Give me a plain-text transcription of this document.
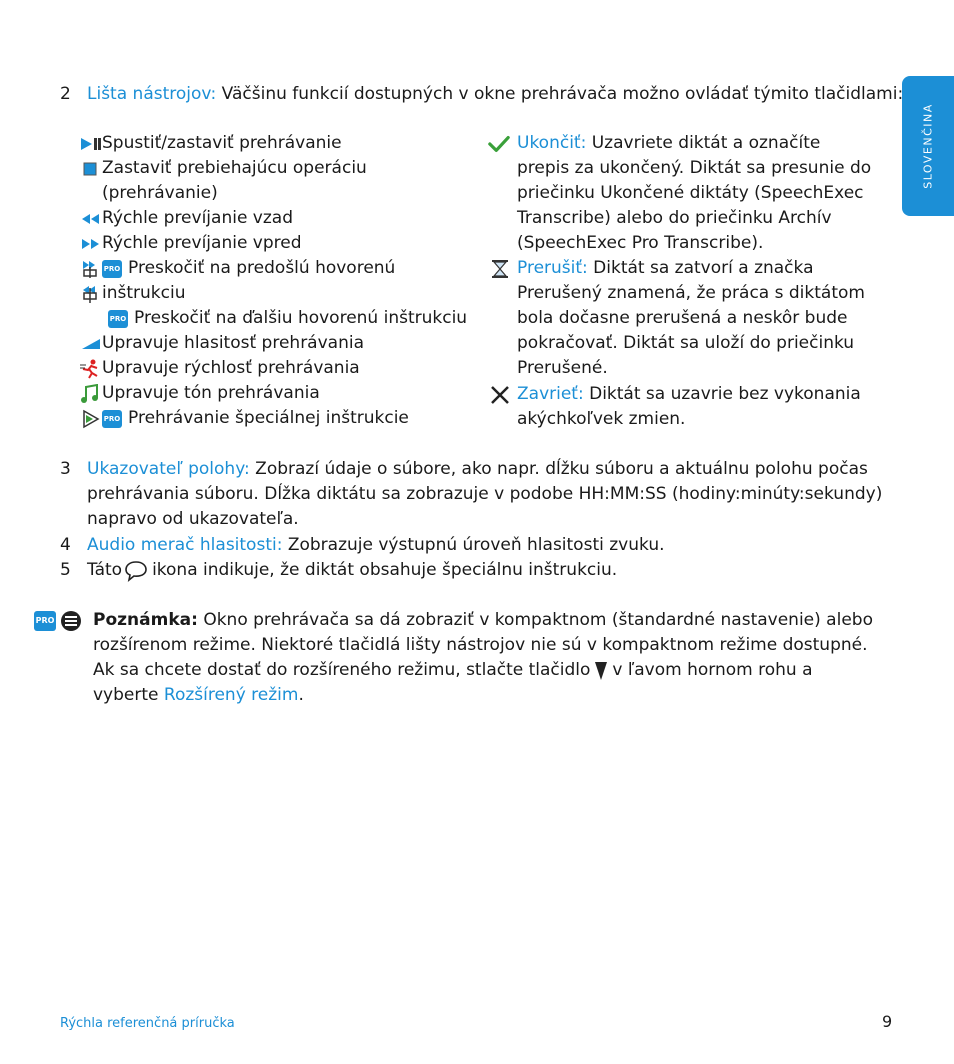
SLOVENČINA
2 Lišta nástrojov: Väčšinu funkcií dostupných v okne prehrávača možno ovládať týmito tlačidlami:
Spustiť/zastaviť prehrávanie
Zastaviť prebiehajúcu operáciu
(prehrávanie)
Rýchle prevíjanie vzad
Rýchle prevíjanie vpred
PRO Preskočiť na predošlú hovorenú
inštrukciu
PRO Preskočiť na ďalšiu hovorenú inštrukciu
Upravuje hlasitosť prehrávania
Upravuje rýchlosť prehrávania
Upravuje tón prehrávania
PRO Prehrávanie špeciálnej inštrukcie
Ukončiť: Uzavriete diktát a označíte
prepis za ukončený. Diktát sa presunie do
priečinku Ukončené diktáty (SpeechExec
Transcribe) alebo do priečinku Archív
(SpeechExec Pro Transcribe).
Prerušiť: Diktát sa zatvorí a značka
Prerušený znamená, že práca s diktátom
bola dočasne prerušená a neskôr bude
pokračovať. Diktát sa uloží do priečinku
Prerušené.
Zavrieť: Diktát sa uzavrie bez vykonania
akýchkoľvek zmien.
3 Ukazovateľ polohy: Zobrazí údaje o súbore, ako napr. dĺžku súboru a aktuálnu polohu počas
prehrávania súboru. Dĺžka diktátu sa zobrazuje v podobe HH:MM:SS (hodiny:minúty:sekundy)
napravo od ukazovateľa.
4 Audio merač hlasitosti: Zobrazuje výstupnú úroveň hlasitosti zvuku.
5 Táto ikona indikuje, že diktát obsahuje špeciálnu inštrukciu.
PRO Poznámka: Okno prehrávača sa dá zobraziť v kompaktnom (štandardné nastavenie) alebo
rozšírenom režime. Niektoré tlačidlá lišty nástrojov nie sú v kompaktnom režime dostupné.
Ak sa chcete dostať do rozšíreného režimu, stlačte tlačidlo v ľavom hornom rohu a
vyberte Rozšírený režim.
Rýchla referenčná príručka	9
